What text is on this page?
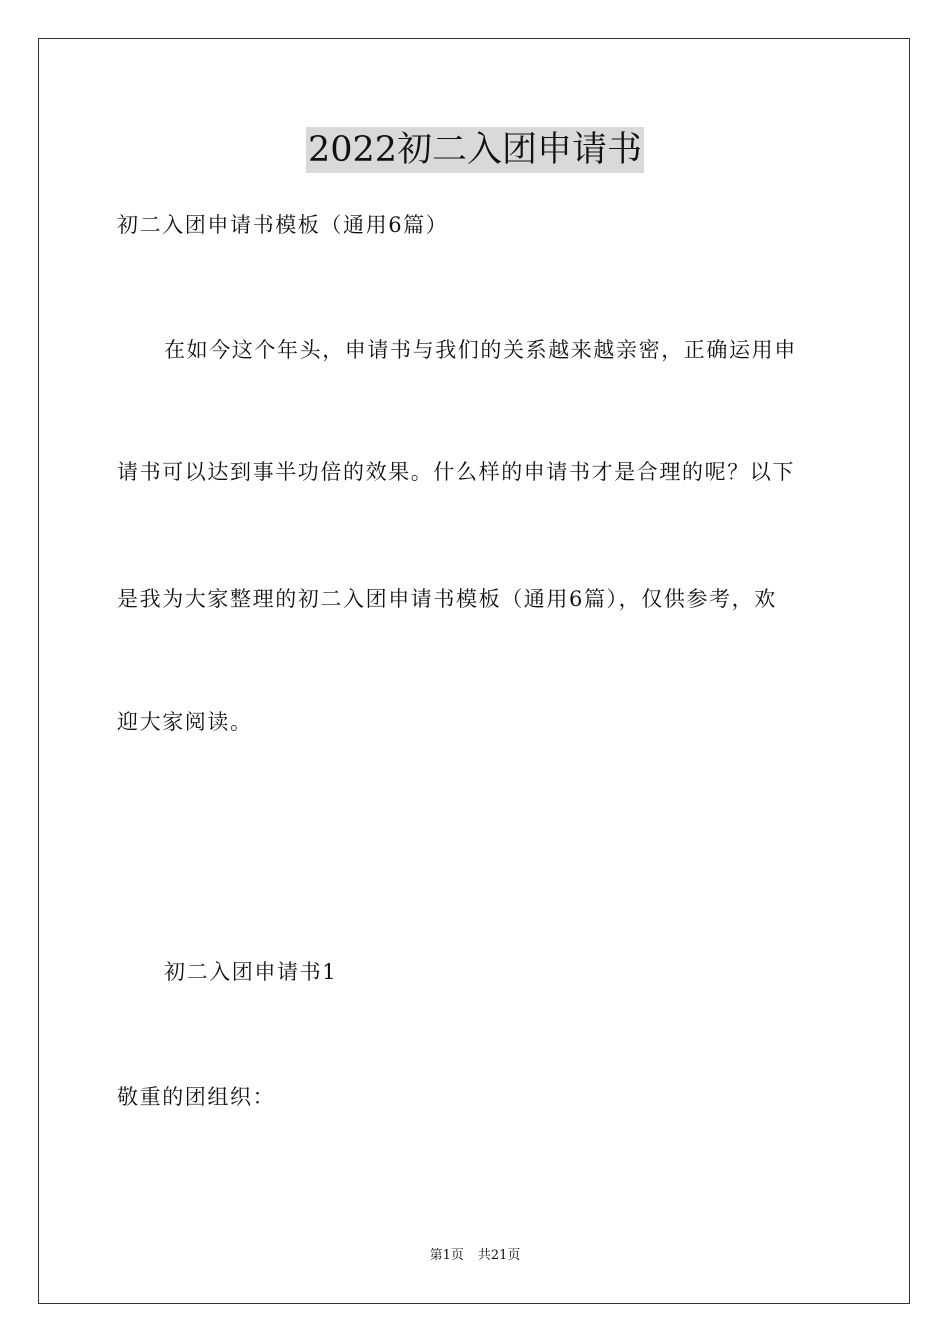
2022初二入团申请书
初二入团申请书模板（通用6篇）
在如今这个年头，申请书与我们的关系越来越亲密，正确运用申
请书可以达到事半功倍的效果。什么样的申请书才是合理的呢？以下
是我为大家整理的初二入团申请书模板（通用6篇），仅供参考，欢
迎大家阅读。
初二入团申请书1
敬重的团组织：
第1页 共21页
